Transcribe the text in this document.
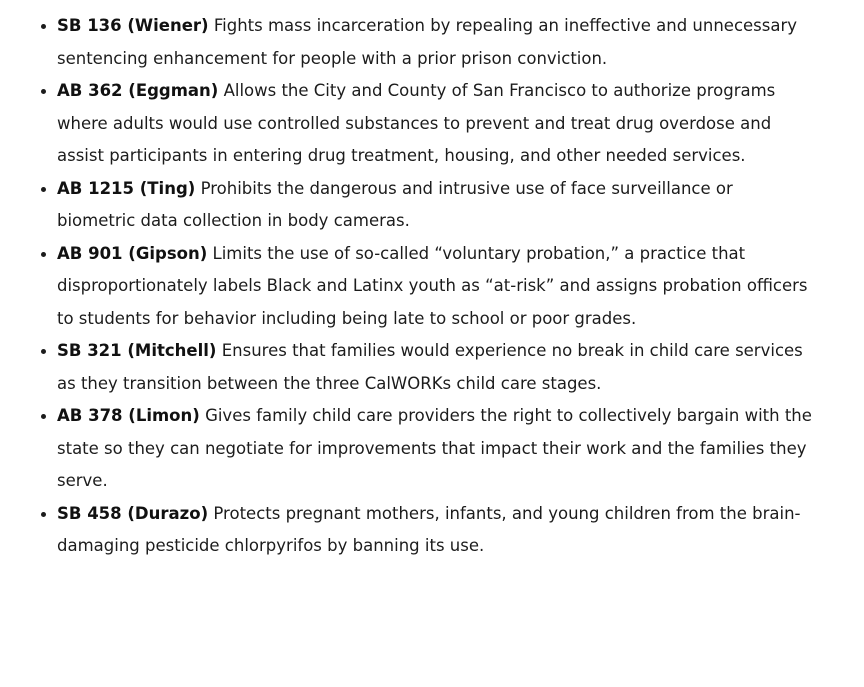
• SB 136 (Wiener) Fights mass incarceration by repealing an ineffective and unnecessary sentencing enhancement for people with a prior prison conviction.
• AB 362 (Eggman) Allows the City and County of San Francisco to authorize programs where adults would use controlled substances to prevent and treat drug overdose and assist participants in entering drug treatment, housing, and other needed services.
• AB 1215 (Ting) Prohibits the dangerous and intrusive use of face surveillance or biometric data collection in body cameras.
• AB 901 (Gipson) Limits the use of so-called “voluntary probation,” a practice that disproportionately labels Black and Latinx youth as “at-risk” and assigns probation officers to students for behavior including being late to school or poor grades.
• SB 321 (Mitchell) Ensures that families would experience no break in child care services as they transition between the three CalWORKs child care stages.
• AB 378 (Limon) Gives family child care providers the right to collectively bargain with the state so they can negotiate for improvements that impact their work and the families they serve.
• SB 458 (Durazo) Protects pregnant mothers, infants, and young children from the brain-damaging pesticide chlorpyrifos by banning its use.
